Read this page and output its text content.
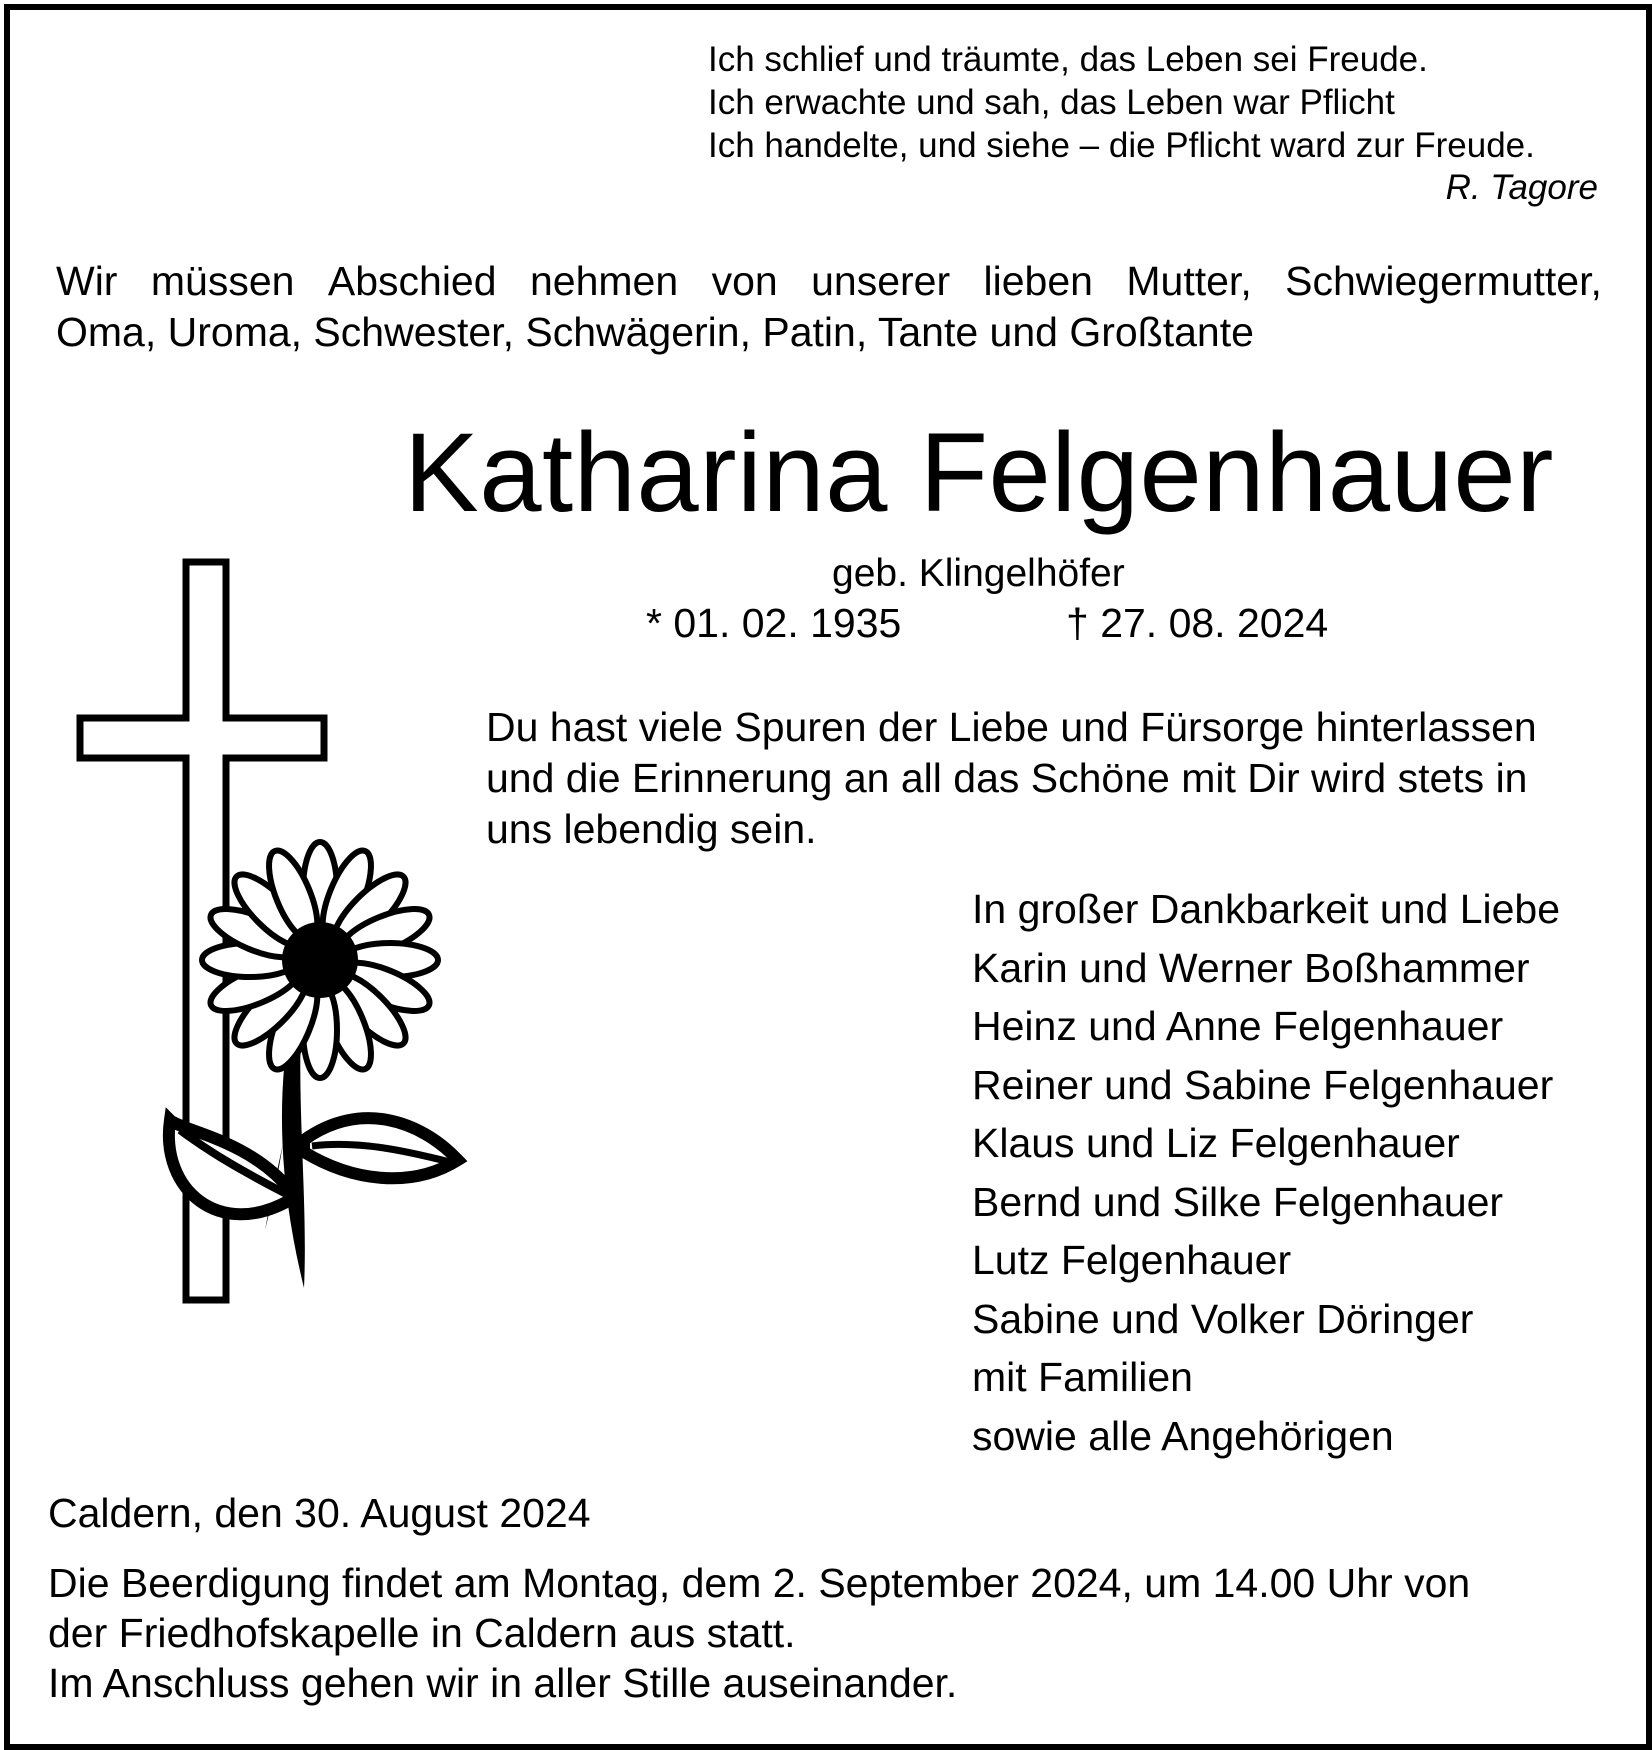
Ich schlief und träumte, das Leben sei Freude.
Ich erwachte und sah, das Leben war Pflicht
Ich handelte, und siehe – die Pflicht ward zur Freude.
R. Tagore
Wir müssen Abschied nehmen von unserer lieben Mutter, Schwiegermutter,
Oma, Uroma, Schwester, Schwägerin, Patin, Tante und Großtante
Katharina Felgenhauer
geb. Klingelhöfer
* 01. 02. 1935	† 27. 08. 2024
Du hast viele Spuren der Liebe und Fürsorge hinterlassen
und die Erinnerung an all das Schöne mit Dir wird stets in
uns lebendig sein.
In großer Dankbarkeit und Liebe
Karin und Werner Boßhammer
Heinz und Anne Felgenhauer
Reiner und Sabine Felgenhauer
Klaus und Liz Felgenhauer
Bernd und Silke Felgenhauer
Lutz Felgenhauer
Sabine und Volker Döringer
mit Familien
sowie alle Angehörigen
Caldern, den 30. August 2024
Die Beerdigung findet am Montag, dem 2. September 2024, um 14.00 Uhr von
der Friedhofskapelle in Caldern aus statt.
Im Anschluss gehen wir in aller Stille auseinander.
